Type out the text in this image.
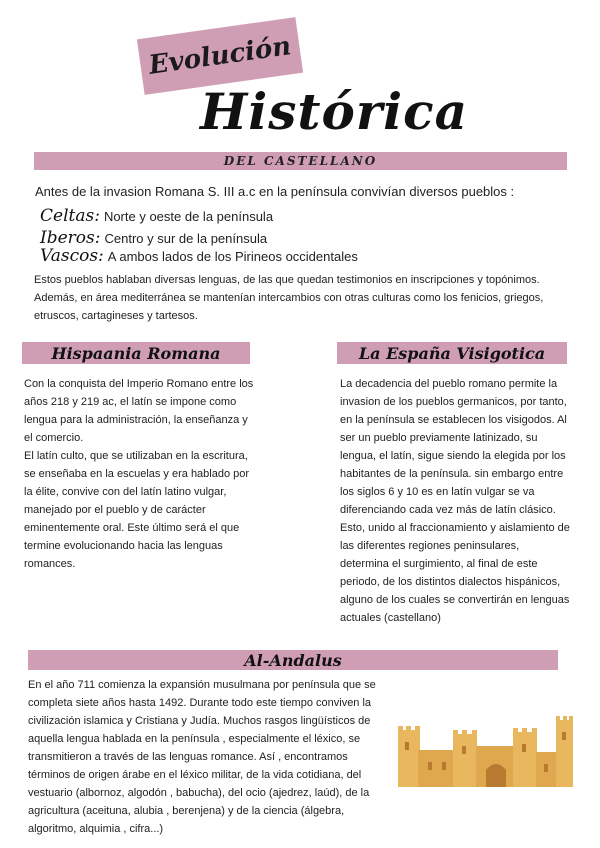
Evolución
Histórica
DEL CASTELLANO
Antes de la invasion Romana S. III a.c en la península convivían diversos pueblos :
Celtas: Norte y oeste de la península
Iberos: Centro y sur de la península
Vascos: A ambos lados de los Pirineos occidentales
Estos pueblos hablaban diversas lenguas, de las que quedan testimonios en inscripciones y topónimos. Además, en área mediterránea se mantenían intercambios con otras culturas como los fenicios, griegos, etruscos, cartagineses y tartesos.
Hispaania Romana
Con la conquista del Imperio Romano entre los años 218 y 219 ac, el latín se impone como lengua para la administración, la enseñanza y el comercio.
El latín culto, que se utilizaban en la escritura, se enseñaba en la escuelas y era hablado por la élite, convive con del latín latino vulgar, manejado por el pueblo y de carácter eminentemente oral. Este último será el que termine evolucionando hacia las lenguas romances.
La España Visigotica
La decadencia del pueblo romano permite la invasion de los pueblos germanicos, por tanto, en la península se establecen los visigodos. Al ser un pueblo previamente latinizado, su lengua, el latín, sigue siendo la elegida por los habitantes de la península. sin embargo entre los siglos 6 y 10 es en latín vulgar se va diferenciando cada vez más de latín clásico. Esto, unido al fraccionamiento y aislamiento de las diferentes regiones peninsulares, determina el surgimiento, al final de este periodo, de los distintos dialectos hispánicos, alguno de los cuales se convertirán en lenguas actuales (castellano)
Al-Andalus
En el año 711 comienza la expansión musulmana por península que se completa siete años hasta 1492. Durante todo este tiempo conviven la civilización islamica y Cristiana y Judía. Muchos rasgos lingüísticos de aquella lengua hablada en la península , especialmente el léxico, se transmitieron a través de las lenguas romance. Así , encontramos términos de origen árabe en el léxico militar, de la vida cotidiana, del vestuario (albornoz, algodón , babucha), del ocio (ajedrez, laúd), de la agricultura (aceituna, alubia , berenjena) y de la ciencia (álgebra, algoritmo, alquimia , cifra...)
